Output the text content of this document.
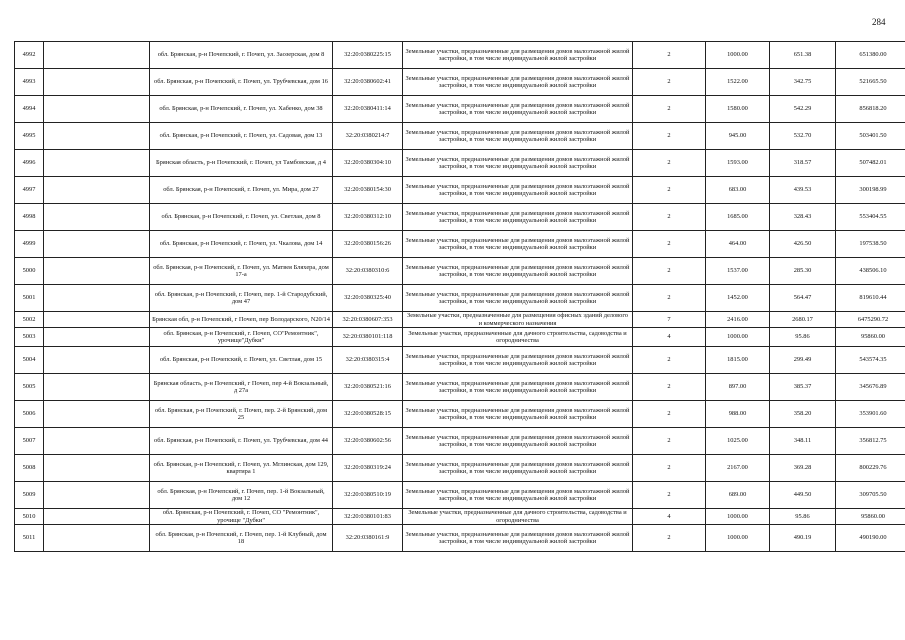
284
4992		обл. Брянская, р-н Почепский, г. Почеп, ул. Заозерская, дом 8	32:20:0380225:15	Земельные участки, предназначенные для размещения домов малоэтажной жилой застройки, в том числе индивидуальной жилой застройки	2	1000.00	651.38	651380.00
4993		обл. Брянская, р-н Почепский, г. Почеп, ул. Трубчевская, дом 16	32:20:0380602:41	Земельные участки, предназначенные для размещения домов малоэтажной жилой застройки, в том числе индивидуальной жилой застройки	2	1522.00	342.75	521665.50
4994		обл. Брянская, р-н Почепский, г. Почеп, ул. Хабенко, дом 38	32:20:0380411:14	Земельные участки, предназначенные для размещения домов малоэтажной жилой застройки, в том числе индивидуальной жилой застройки	2	1580.00	542.29	856818.20
4995		обл. Брянская, р-н Почепский, г. Почеп, ул. Садовая, дом 13	32:20:0380214:7	Земельные участки, предназначенные для размещения домов малоэтажной жилой застройки, в том числе индивидуальной жилой застройки	2	945.00	532.70	503401.50
4996		Брянская область, р-н Почепский, г. Почеп, ул Тамбовская, д 4	32:20:0380304:10	Земельные участки, предназначенные для размещения домов малоэтажной жилой застройки, в том числе индивидуальной жилой застройки	2	1593.00	318.57	507482.01
4997		обл. Брянская, р-н Почепский, г. Почеп, ул. Мира, дом 27	32:20:0380154:30	Земельные участки, предназначенные для размещения домов малоэтажной жилой застройки, в том числе индивидуальной жилой застройки	2	683.00	439.53	300198.99
4998		обл. Брянская, р-н Почепский, г. Почеп, ул. Светлая, дом 8	32:20:0380312:10	Земельные участки, предназначенные для размещения домов малоэтажной жилой застройки, в том числе индивидуальной жилой застройки	2	1685.00	328.43	553404.55
4999		обл. Брянская, р-н Почепский, г. Почеп, ул. Чкалова, дом 14	32:20:0380156:26	Земельные участки, предназначенные для размещения домов малоэтажной жилой застройки, в том числе индивидуальной жилой застройки	2	464.00	426.50	197538.50
5000		обл. Брянская, р-н Почепский, г. Почеп, ул. Матвея Бляхера, дом 17-а	32:20:0380310:6	Земельные участки, предназначенные для размещения домов малоэтажной жилой застройки, в том числе индивидуальной жилой застройки	2	1537.00	285.30	438506.10
5001		обл. Брянская, р-н Почепский, г. Почеп, пер. 1-й Стародубский, дом 47	32:20:0380325:40	Земельные участки, предназначенные для размещения домов малоэтажной жилой застройки, в том числе индивидуальной жилой застройки	2	1452.00	564.47	819610.44
5002		Брянская обл, р-н Почепский, г Почеп, пер Володарского, N20/14	32:20:0380607:353	Земельные участки, предназначенные для размещения офисных зданий делового и коммерческого назначения	7	2416.00	2680.17	6475290.72
5003		обл. Брянская, р-н Почепский, г. Почеп, СО"Ремонтник", урочище"Дубки"	32:20:0380101:118	Земельные участки, предназначенные для дачного строительства, садоводства и огородничества	4	1000.00	95.86	95860.00
5004		обл. Брянская, р-н Почепский, г. Почеп, ул. Светлая, дом 15	32:20:0380315:4	Земельные участки, предназначенные для размещения домов малоэтажной жилой застройки, в том числе индивидуальной жилой застройки	2	1815.00	299.49	543574.35
5005		Брянская область, р-н Почепский, г Почеп, пер 4-й Вокзальный, д 27а	32:20:0380521:16	Земельные участки, предназначенные для размещения домов малоэтажной жилой застройки, в том числе индивидуальной жилой застройки	2	897.00	385.37	345676.89
5006		обл. Брянская, р-н Почепский, г. Почеп, пер. 2-й Брянский, дом 25	32:20:0380528:15	Земельные участки, предназначенные для размещения домов малоэтажной жилой застройки, в том числе индивидуальной жилой застройки	2	988.00	358.20	353901.60
5007		обл. Брянская, р-н Почепский, г. Почеп, ул. Трубчевская, дом 44	32:20:0380602:56	Земельные участки, предназначенные для размещения домов малоэтажной жилой застройки, в том числе индивидуальной жилой застройки	2	1025.00	348.11	356812.75
5008		обл. Брянская, р-н Почепский, г. Почеп, ул. Мглинская, дом 129, квартира 1	32:20:0380319:24	Земельные участки, предназначенные для размещения домов малоэтажной жилой застройки, в том числе индивидуальной жилой застройки	2	2167.00	369.28	800229.76
5009		обл. Брянская, р-н Почепский, г. Почеп, пер. 1-й Вокзальный, дом 12	32:20:0380510:19	Земельные участки, предназначенные для размещения домов малоэтажной жилой застройки, в том числе индивидуальной жилой застройки	2	689.00	449.50	309705.50
5010		обл. Брянская, р-н Почепский, г. Почеп, СО "Ремонтник", урочище "Дубки"	32:20:0380101:83	Земельные участки, предназначенные для дачного строительства, садоводства и огородничества	4	1000.00	95.86	95860.00
5011		обл. Брянская, р-н Почепский, г. Почеп, пер. 1-й Клубный, дом 18	32:20:0380161:9	Земельные участки, предназначенные для размещения домов малоэтажной жилой застройки, в том числе индивидуальной жилой застройки	2	1000.00	490.19	490190.00
